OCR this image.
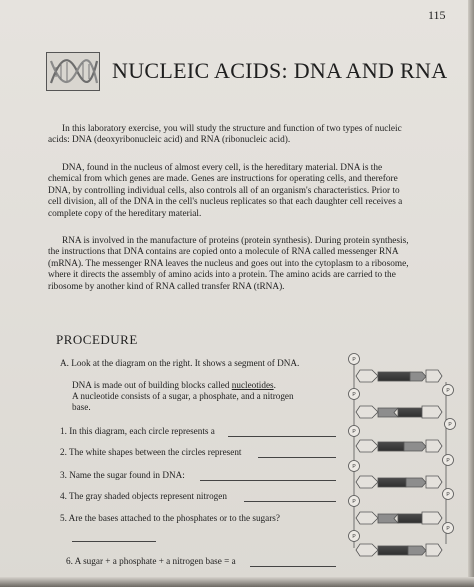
115
NUCLEIC ACIDS: DNA AND RNA

In this laboratory exercise, you will study the structure and function of two types of nucleic acids: DNA (deoxyribonucleic acid) and RNA (ribonucleic acid).

DNA, found in the nucleus of almost every cell, is the hereditary material. DNA is the chemical from which genes are made. Genes are instructions for operating cells, and therefore DNA, by controlling individual cells, also controls all of an organism's characteristics. Prior to cell division, all of the DNA in the cell's nucleus replicates so that each daughter cell receives a complete copy of the hereditary material.

RNA is involved in the manufacture of proteins (protein synthesis). During protein synthesis, the instructions that DNA contains are copied onto a molecule of RNA called messenger RNA (mRNA). The messenger RNA leaves the nucleus and goes out into the cytoplasm to a ribosome, where it directs the assembly of amino acids into a protein. The amino acids are carried to the ribosome by another kind of RNA called transfer RNA (tRNA).

PROCEDURE
A. Look at the diagram on the right. It shows a segment of DNA.
DNA is made out of building blocks called nucleotides.
A nucleotide consists of a sugar, a phosphate, and a nitrogen
base.
1. In this diagram, each circle represents a
2. The white shapes between the circles represent
3. Name the sugar found in DNA:
4. The gray shaded objects represent nitrogen
5. Are the bases attached to the phosphates or to the sugars?
6. A sugar + a phosphate + a nitrogen base = a
P
P
P
P
P
P
P
P
P
P
P
